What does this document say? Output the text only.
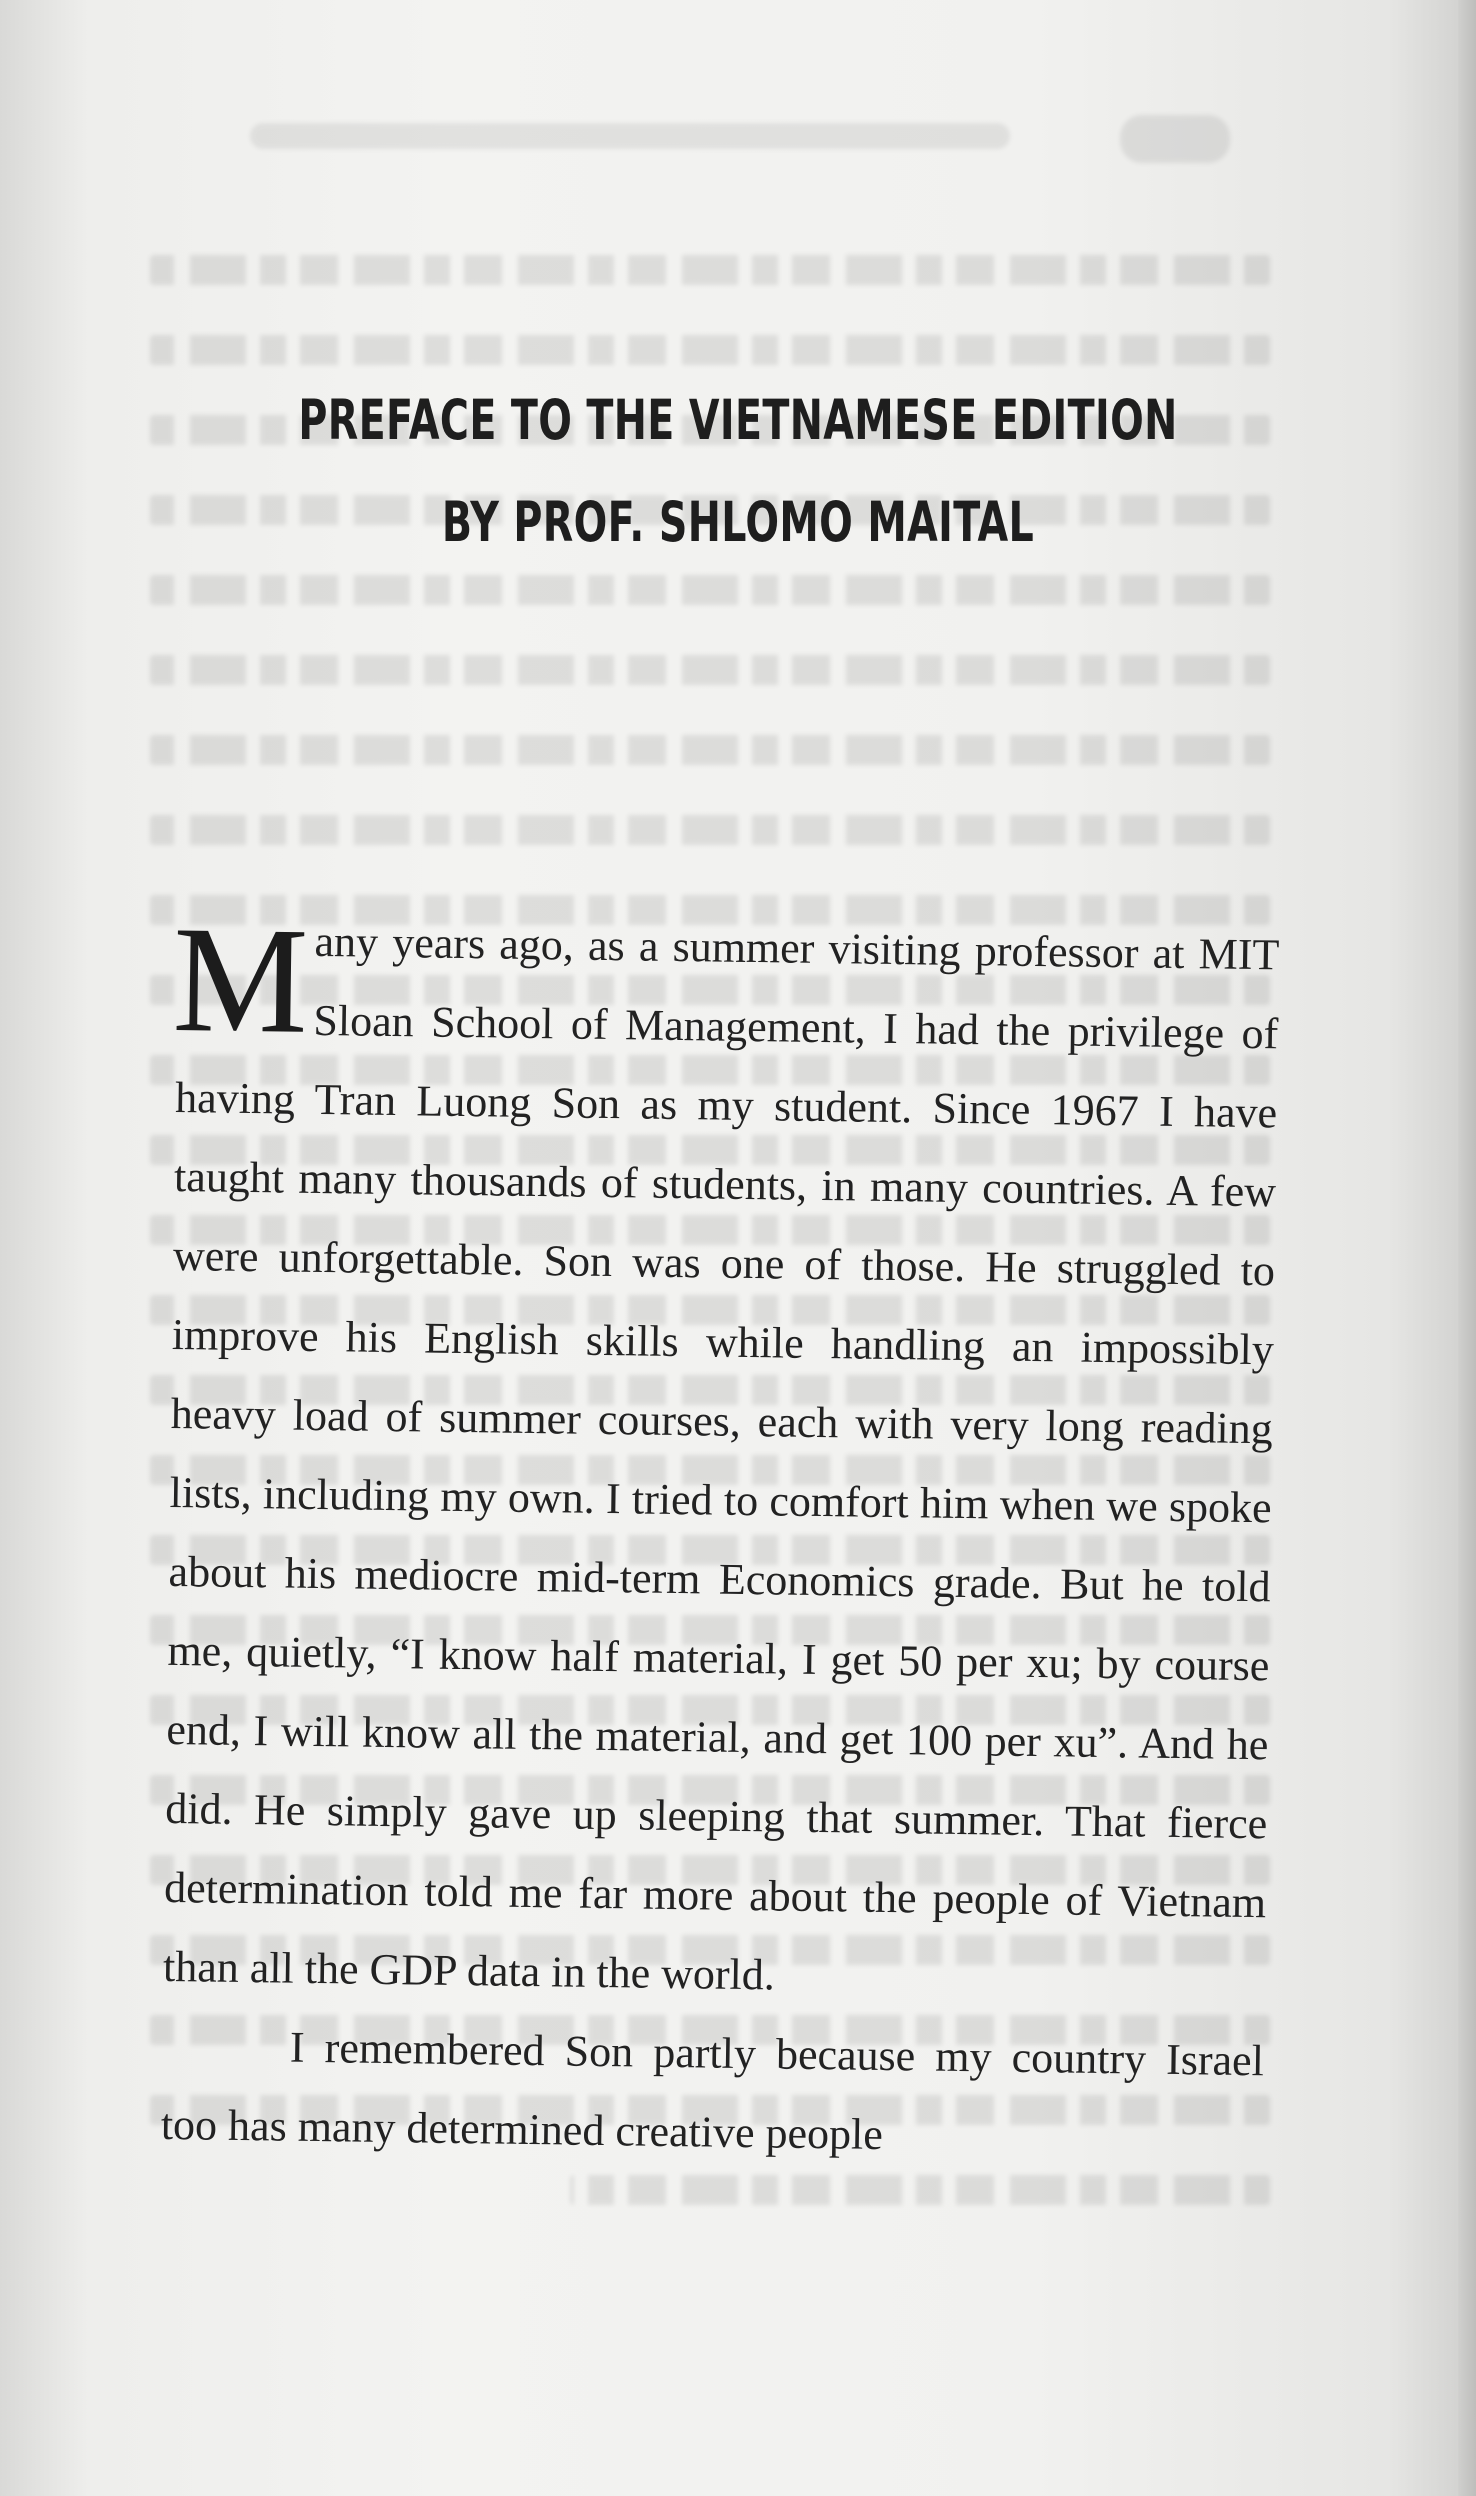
PREFACE TO THE VIETNAMESE EDITION
BY PROF. SHLOMO MAITAL

Many years ago, as a summer visiting professor at MIT Sloan School of Management, I had the privilege of having Tran Luong Son as my student. Since 1967 I have taught many thousands of students, in many countries. A few were unforgettable. Son was one of those. He struggled to improve his English skills while handling an impossibly heavy load of summer courses, each with very long reading lists, including my own. I tried to comfort him when we spoke about his mediocre mid-term Economics grade. But he told me, quietly, “I know half material, I get 50 per xu; by course end, I will know all the material, and get 100 per xu”. And he did. He simply gave up sleeping that summer. That fierce determination told me far more about the people of Vietnam than all the GDP data in the world.

I remembered Son partly because my country Israel too has many determined creative people
